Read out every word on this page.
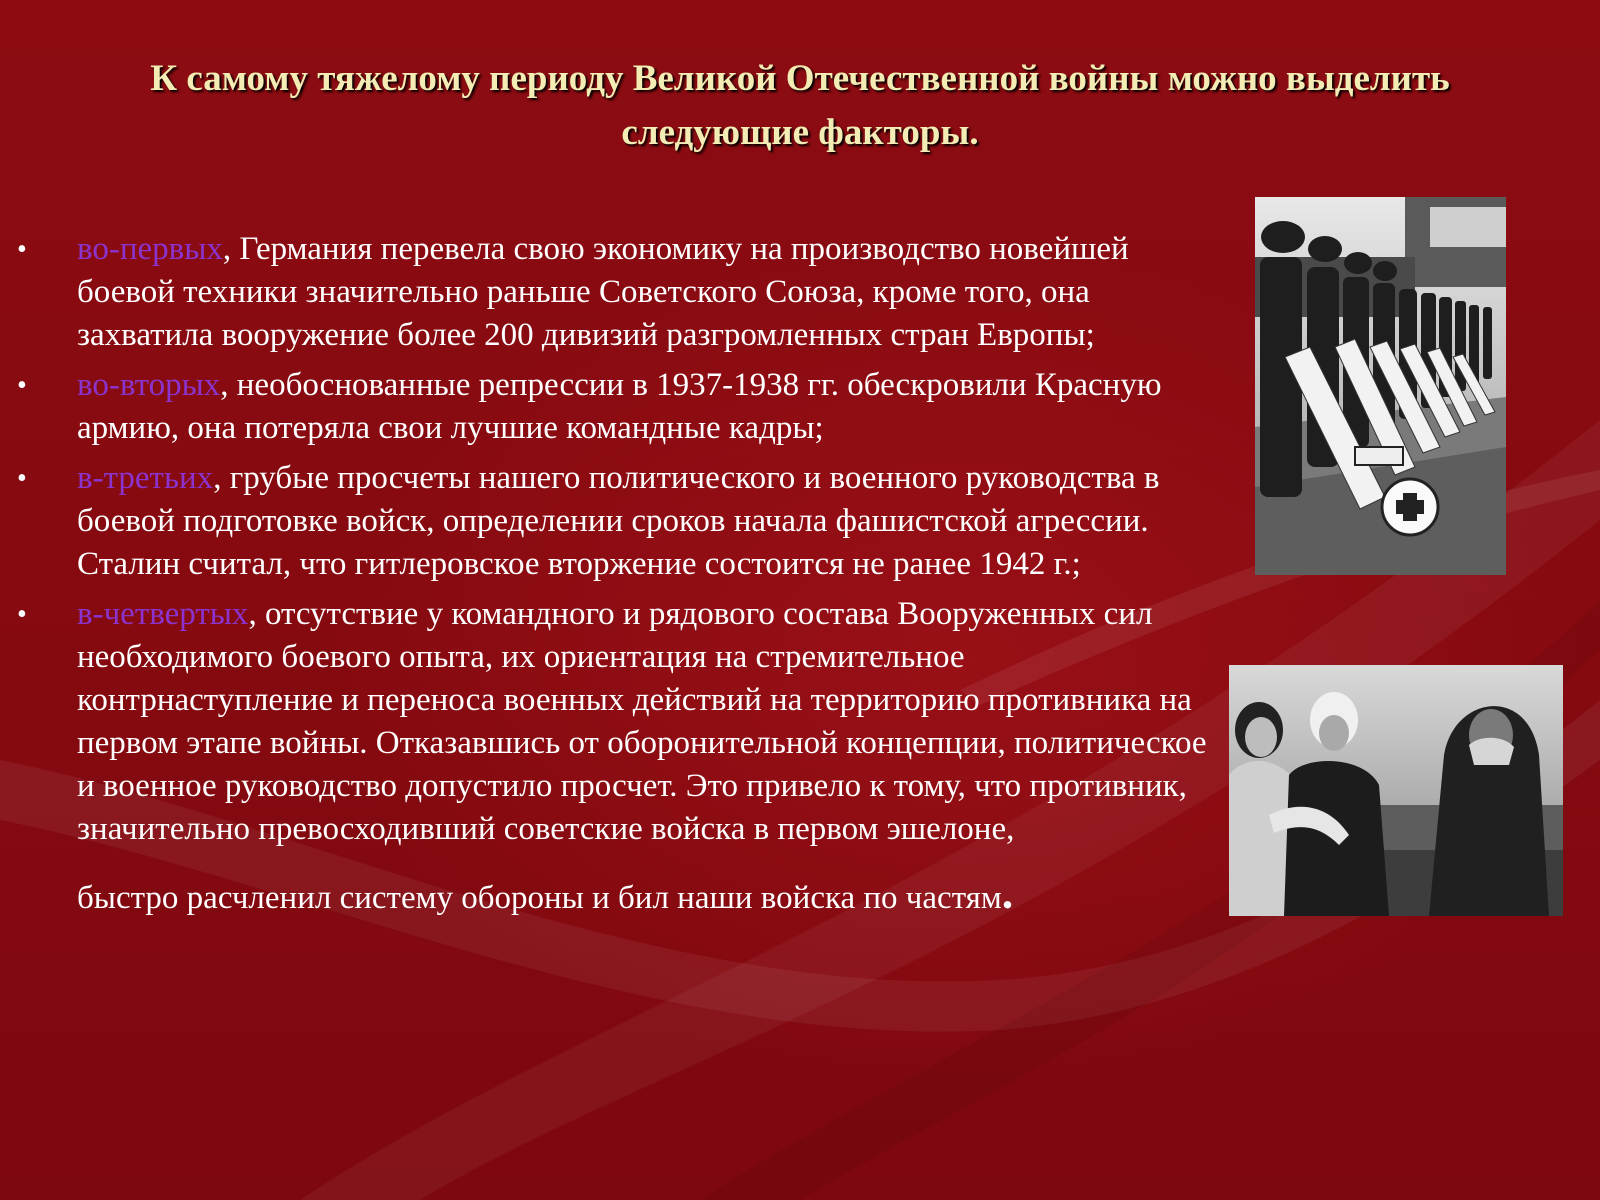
К самому тяжелому периоду Великой Отечественной войны можно выделить следующие факторы.
• во-первых, Германия перевела свою экономику на производство новейшей боевой техники значительно раньше Советского Союза, кроме того, она захватила вооружение более 200 дивизий разгромленных стран Европы;
• во-вторых, необоснованные репрессии в 1937-1938 гг. обескровили Красную армию, она потеряла свои лучшие командные кадры;
• в-третьих, грубые просчеты нашего политического и военного руководства в боевой подготовке войск, определении сроков начала фашистской агрессии. Сталин считал, что гитлеровское вторжение состоится не ранее 1942 г.;
• в-четвертых, отсутствие у командного и рядового состава Вооруженных сил необходимого боевого опыта, их ориентация на стремительное контрнаступление и переноса военных действий на территорию противника на первом этапе войны. Отказавшись от оборонительной концепции, политическое и военное руководство допустило просчет. Это привело к тому, что противник, значительно превосходивший советские войска в первом эшелоне,
быстро расчленил систему обороны и бил наши войска по частям.
